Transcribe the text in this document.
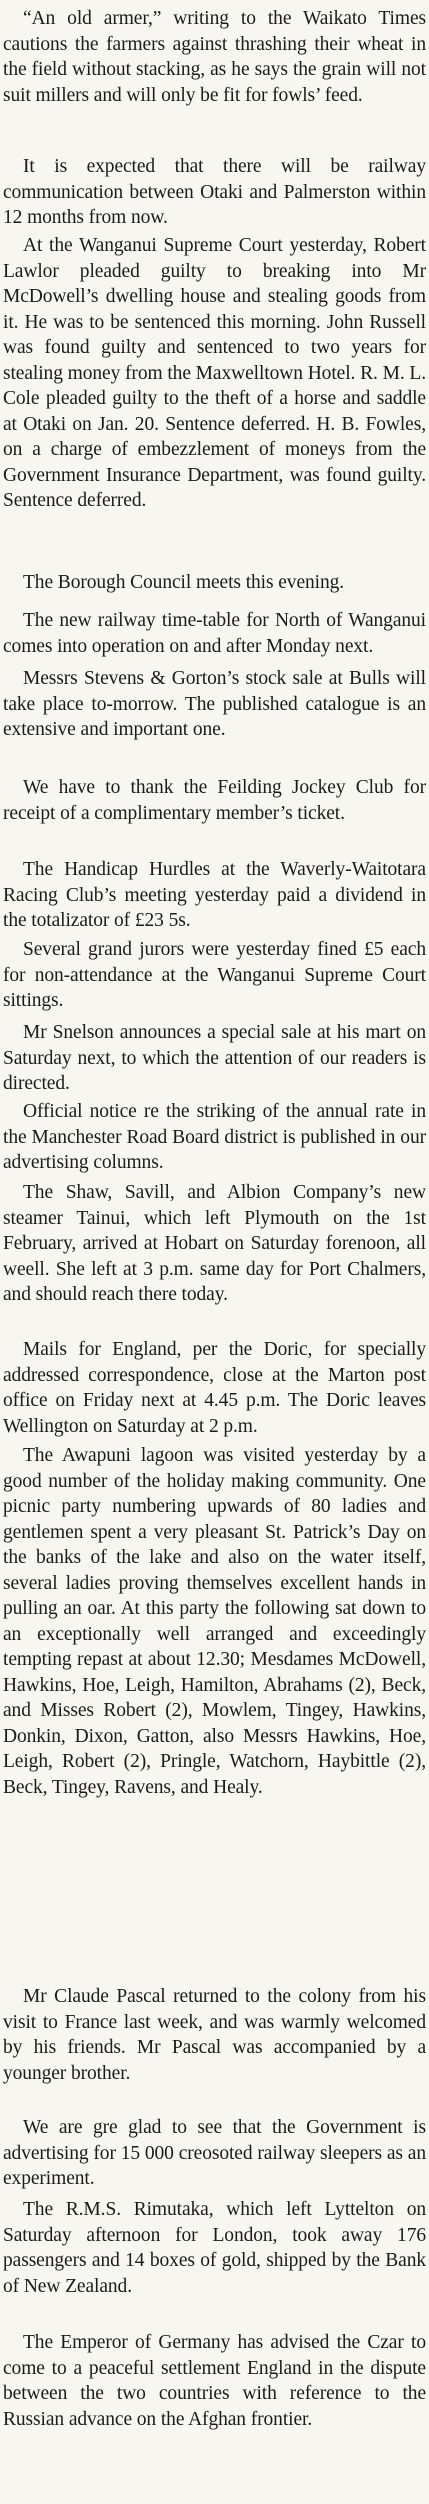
“An old armer,” writing to the Waikato Times cautions the farmers against thrashing their wheat in the field without stacking, as he says the grain will not suit millers and will only be fit for fowls’ feed.

It is expected that there will be railway communication between Otaki and Palmerston within 12 months from now.

At the Wanganui Supreme Court yesterday, Robert Lawlor pleaded guilty to breaking into Mr McDowell’s dwelling house and stealing goods from it. He was to be sentenced this morning. John Russell was found guilty and sentenced to two years for stealing money from the Maxwelltown Hotel. R. M. L. Cole pleaded guilty to the theft of a horse and saddle at Otaki on Jan. 20. Sentence deferred. H. B. Fowles, on a charge of embezzlement of moneys from the Government Insurance Department, was found guilty. Sentence deferred.

The Borough Council meets this evening.

The new railway time-table for North of Wanganui comes into operation on and after Monday next.

Messrs Stevens & Gorton’s stock sale at Bulls will take place to-morrow. The published catalogue is an extensive and important one.

We have to thank the Feilding Jockey Club for receipt of a complimentary member’s ticket.

The Handicap Hurdles at the Waverly-Waitotara Racing Club’s meeting yesterday paid a dividend in the totalizator of £23 5s.

Several grand jurors were yesterday fined £5 each for non-attendance at the Wanganui Supreme Court sittings.

Mr Snelson announces a special sale at his mart on Saturday next, to which the attention of our readers is directed.

Official notice re the striking of the annual rate in the Manchester Road Board district is published in our advertising columns.

The Shaw, Savill, and Albion Company’s new steamer Tainui, which left Plymouth on the 1st February, arrived at Hobart on Saturday forenoon, all weell. She left at 3 p.m. same day for Port Chalmers, and should reach there today.

Mails for England, per the Doric, for specially addressed correspondence, close at the Marton post office on Friday next at 4.45 p.m. The Doric leaves Wellington on Saturday at 2 p.m.

The Awapuni lagoon was visited yesterday by a good number of the holiday making community. One picnic party numbering upwards of 80 ladies and gentlemen spent a very pleasant St. Patrick’s Day on the banks of the lake and also on the water itself, several ladies proving themselves excellent hands in pulling an oar. At this party the following sat down to an exceptionally well arranged and exceedingly tempting repast at about 12.30; Mesdames McDowell, Hawkins, Hoe, Leigh, Hamilton, Abrahams (2), Beck, and Misses Robert (2), Mowlem, Tingey, Hawkins, Donkin, Dixon, Gatton, also Messrs Hawkins, Hoe, Leigh, Robert (2), Pringle, Watchorn, Haybittle (2), Beck, Tingey, Ravens, and Healy.

Mr Claude Pascal returned to the colony from his visit to France last week, and was warmly welcomed by his friends. Mr Pascal was accompanied by a younger brother.

We are gre glad to see that the Government is advertising for 15 000 creosoted railway sleepers as an experiment.

The R.M.S. Rimutaka, which left Lyttelton on Saturday afternoon for London, took away 176 passengers and 14 boxes of gold, shipped by the Bank of New Zealand.

The Emperor of Germany has advised the Czar to come to a peaceful settlement England in the dispute between the two countries with reference to the Russian advance on the Afghan frontier.
